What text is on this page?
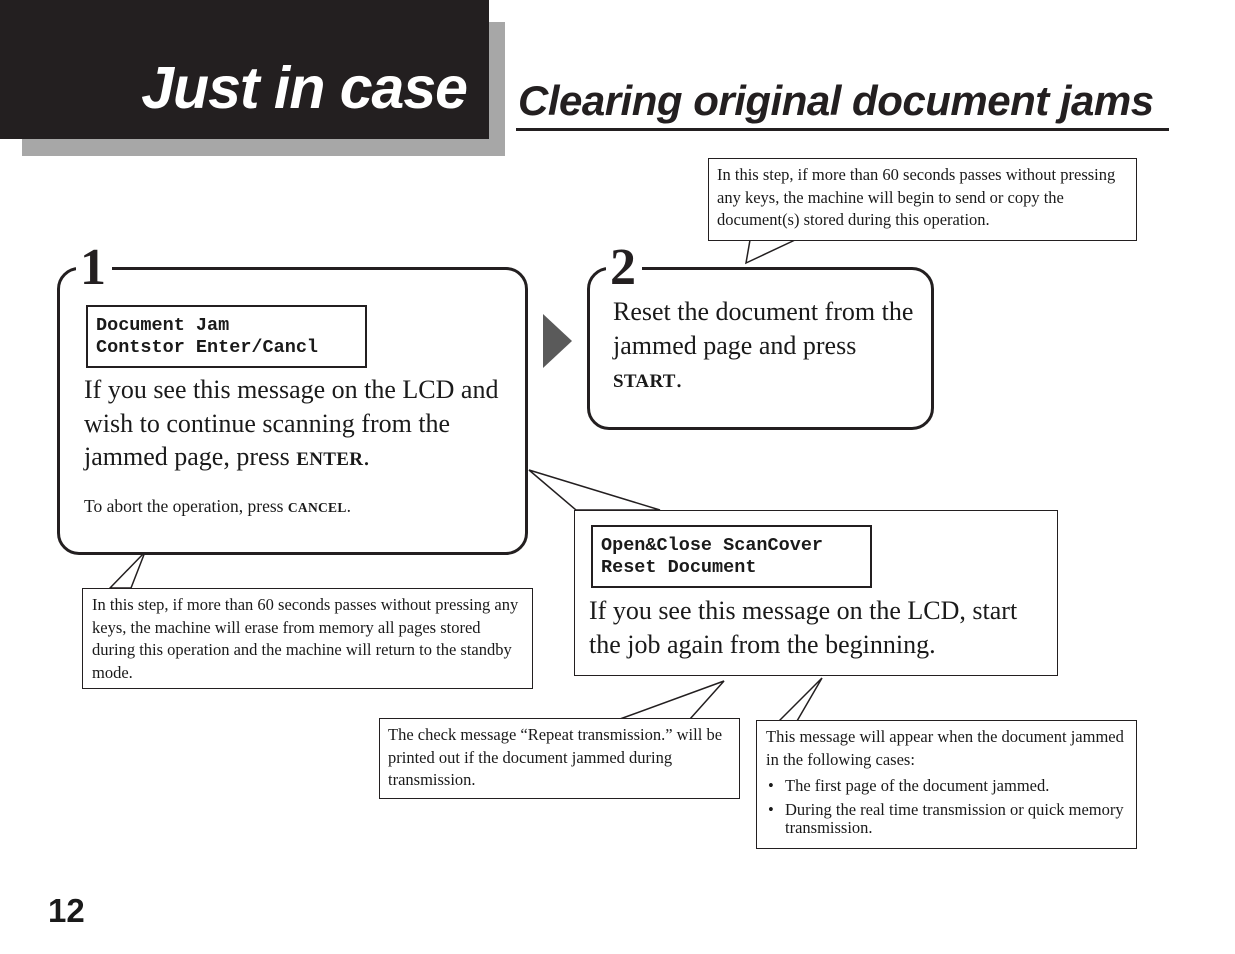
Just in case Clearing original document jams
1
Document Jam
Contstor Enter/Cancl
If you see this message on the LCD and wish to continue scanning from the jammed page, press ENTER.
To abort the operation, press CANCEL.
2
Reset the document from the jammed page and press START.
In this step, if more than 60 seconds passes without pressing any keys, the machine will begin to send or copy the document(s) stored during this operation.
In this step, if more than 60 seconds passes without pressing any keys, the machine will erase from memory all pages stored during this operation and the machine will return to the standby mode.
Open&Close ScanCover
Reset Document
If you see this message on the LCD, start the job again from the beginning.
The check message “Repeat transmission.” will be printed out if the document jammed during transmission.
This message will appear when the document jammed in the following cases:
• The first page of the document jammed.
• During the real time transmission or quick memory transmission.
12
